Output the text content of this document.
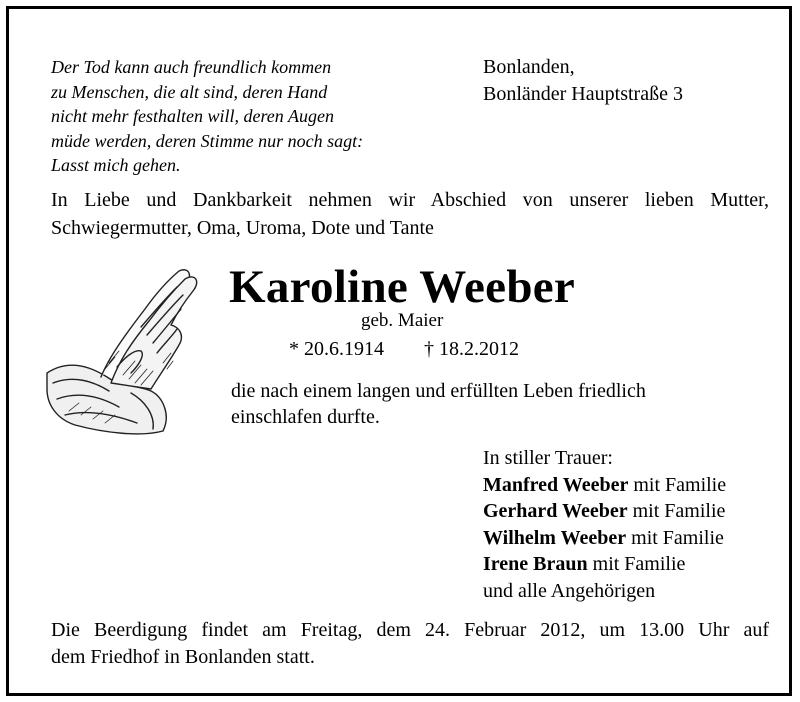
Der Tod kann auch freundlich kommen
zu Menschen, die alt sind, deren Hand
nicht mehr festhalten will, deren Augen
müde werden, deren Stimme nur noch sagt:
Lasst mich gehen.
Bonlanden,
Bonländer Hauptstraße 3
In Liebe und Dankbarkeit nehmen wir Abschied von unserer lieben Mutter,
Schwiegermutter, Oma, Uroma, Dote und Tante
Karoline Weeber
geb. Maier
* 20.6.1914 † 18.2.2012
die nach einem langen und erfüllten Leben friedlich
einschlafen durfte.
In stiller Trauer:
Manfred Weeber mit Familie
Gerhard Weeber mit Familie
Wilhelm Weeber mit Familie
Irene Braun mit Familie
und alle Angehörigen
Die Beerdigung findet am Freitag, dem 24. Februar 2012, um 13.00 Uhr auf
dem Friedhof in Bonlanden statt.
